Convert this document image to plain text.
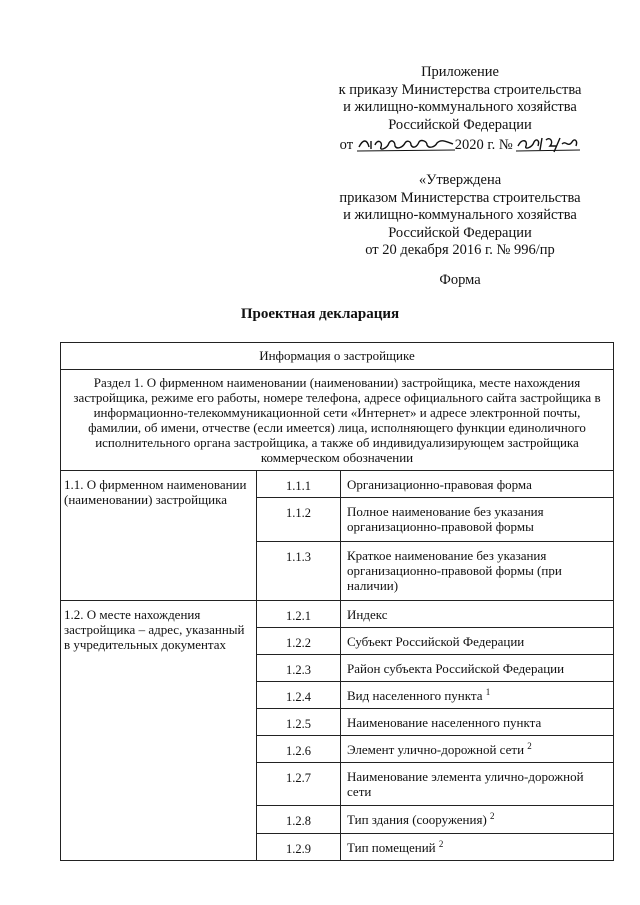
Приложение
к приказу Министерства строительства
и жилищно-коммунального хозяйства
Российской Федерации
от	2020 г. №
«Утверждена
приказом Министерства строительства
и жилищно-коммунального хозяйства
Российской Федерации
от 20 декабря 2016 г. № 996/пр
Форма
Проектная декларация
Информация о застройщике
Раздел 1. О фирменном наименовании (наименовании) застройщика, месте нахождения застройщика, режиме его работы, номере телефона, адресе официального сайта застройщика в информационно-телекоммуникационной сети «Интернет» и адресе электронной почты, фамилии, об имени, отчестве (если имеется) лица, исполняющего функции единоличного исполнительного органа застройщика, а также об индивидуализирующем застройщика коммерческом обозначении
1.1. О фирменном наименовании (наименовании) застройщика
1.1.1	Организационно-правовая форма
1.1.2	Полное наименование без указания организационно-правовой формы
1.1.3	Краткое наименование без указания организационно-правовой формы (при наличии)
1.2. О месте нахождения застройщика – адрес, указанный в учредительных документах
1.2.1	Индекс
1.2.2	Субъект Российской Федерации
1.2.3	Район субъекта Российской Федерации
1.2.4	Вид населенного пункта $^1$
1.2.5	Наименование населенного пункта
1.2.6	Элемент улично-дорожной сети $^2$
1.2.7	Наименование элемента улично-дорожной сети
1.2.8	Тип здания (сооружения) $^2$
1.2.9	Тип помещений $^2$
